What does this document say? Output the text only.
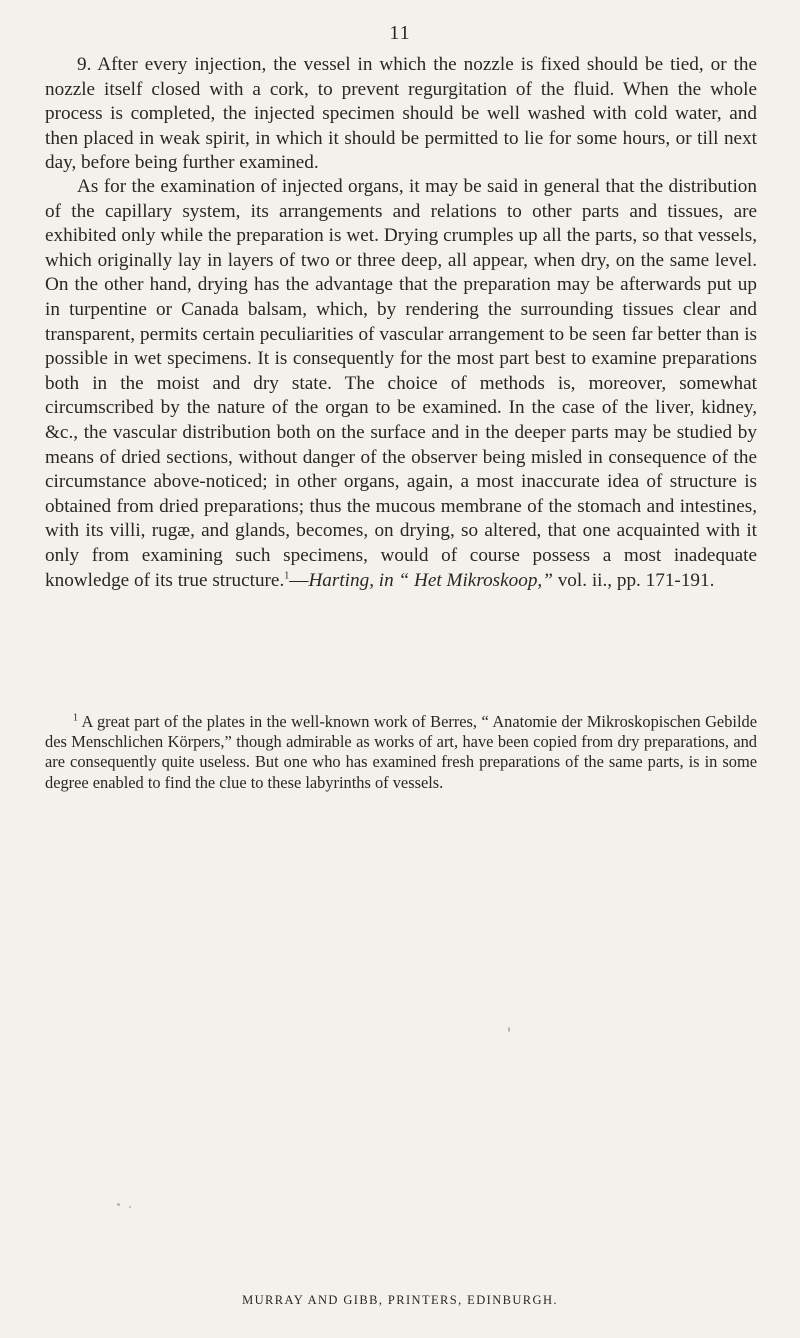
11

9. After every injection, the vessel in which the nozzle is fixed should be tied, or the nozzle itself closed with a cork, to prevent regurgitation of the fluid. When the whole process is completed, the injected specimen should be well washed with cold water, and then placed in weak spirit, in which it should be permitted to lie for some hours, or till next day, before being further examined.

As for the examination of injected organs, it may be said in general that the distribution of the capillary system, its arrangements and relations to other parts and tissues, are exhibited only while the preparation is wet. Drying crumples up all the parts, so that vessels, which originally lay in layers of two or three deep, all appear, when dry, on the same level. On the other hand, drying has the advantage that the preparation may be afterwards put up in turpentine or Canada balsam, which, by rendering the surrounding tissues clear and transparent, permits certain peculiarities of vascular arrangement to be seen far better than is possible in wet specimens. It is consequently for the most part best to examine preparations both in the moist and dry state. The choice of methods is, moreover, somewhat circumscribed by the nature of the organ to be examined. In the case of the liver, kidney, &c., the vascular distribution both on the surface and in the deeper parts may be studied by means of dried sections, without danger of the observer being misled in consequence of the circumstance above-noticed; in other organs, again, a most inaccurate idea of structure is obtained from dried preparations; thus the mucous membrane of the stomach and intestines, with its villi, rugæ, and glands, becomes, on drying, so altered, that one acquainted with it only from examining such specimens, would of course possess a most inadequate knowledge of its true structure.$^1$—Harting, in “ Het Mikroskoop,” vol. ii., pp. 171-191.

$^1$ A great part of the plates in the well-known work of Berres, “ Anatomie der Mikroskopischen Gebilde des Menschlichen Körpers,” though admirable as works of art, have been copied from dry preparations, and are consequently quite useless. But one who has examined fresh preparations of the same parts, is in some degree enabled to find the clue to these labyrinths of vessels.

MURRAY AND GIBB, PRINTERS, EDINBURGH.
